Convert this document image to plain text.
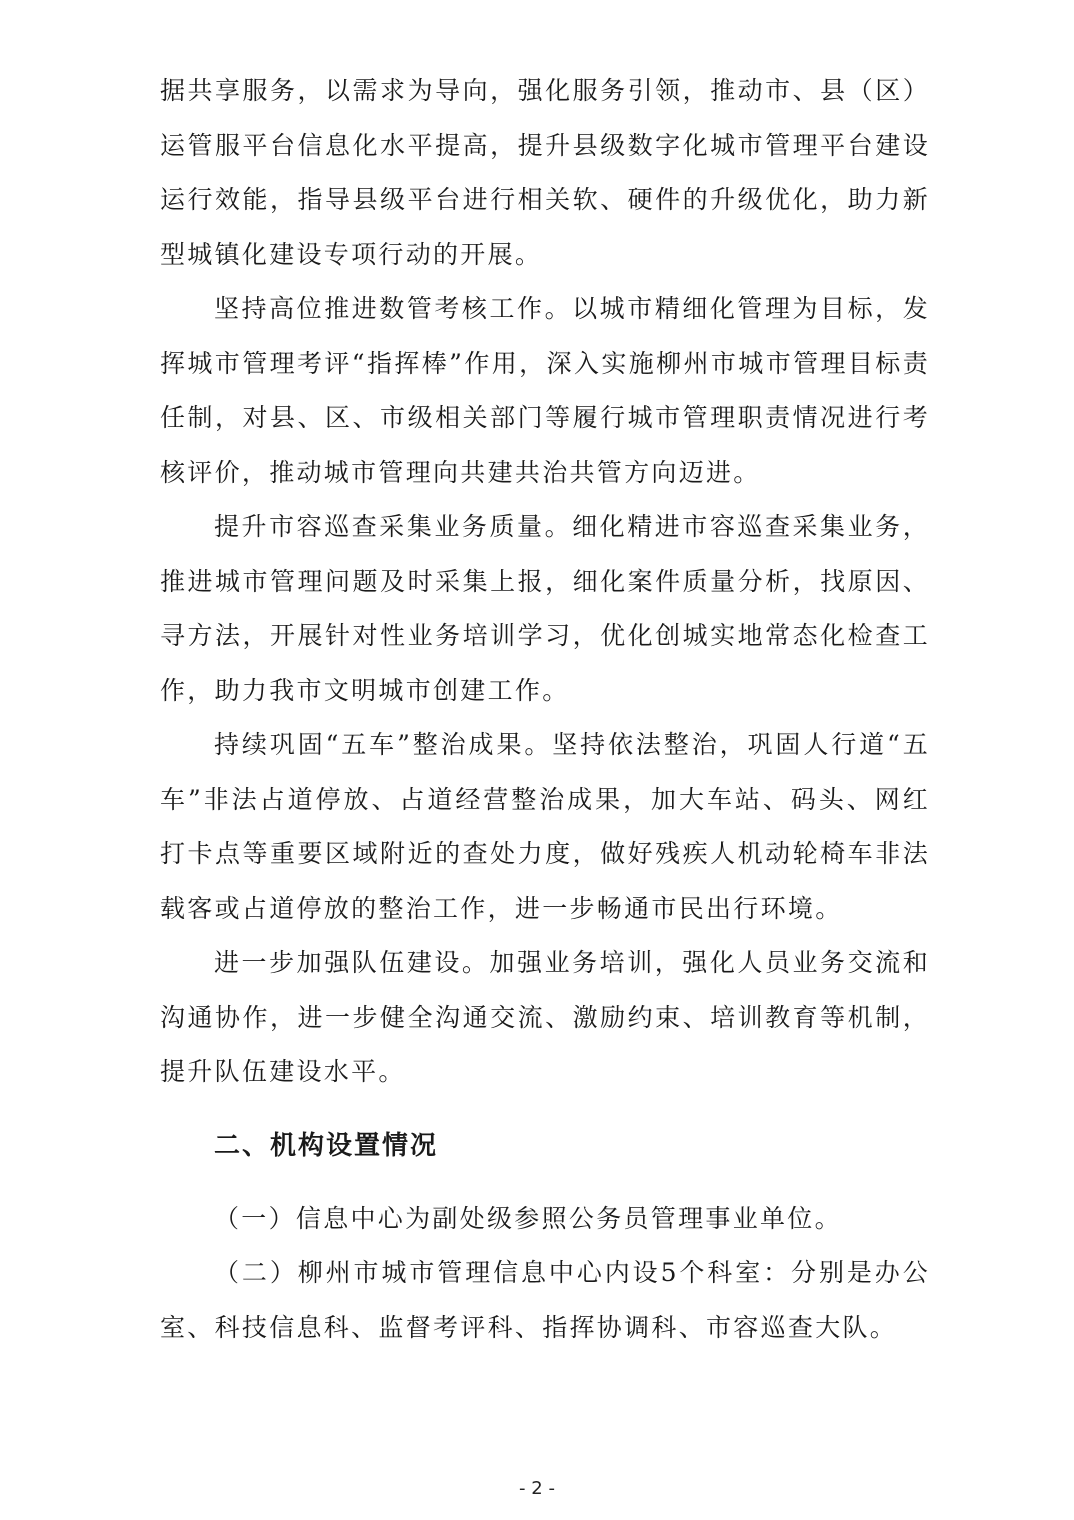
据共享服务，以需求为导向，强化服务引领，推动市、县（区）运管服平台信息化水平提高，提升县级数字化城市管理平台建设运行效能，指导县级平台进行相关软、硬件的升级优化，助力新型城镇化建设专项行动的开展。

坚持高位推进数管考核工作。以城市精细化管理为目标，发挥城市管理考评“指挥棒”作用，深入实施柳州市城市管理目标责任制，对县、区、市级相关部门等履行城市管理职责情况进行考核评价，推动城市管理向共建共治共管方向迈进。

提升市容巡查采集业务质量。细化精进市容巡查采集业务，推进城市管理问题及时采集上报，细化案件质量分析，找原因、寻方法，开展针对性业务培训学习，优化创城实地常态化检查工作，助力我市文明城市创建工作。

持续巩固“五车”整治成果。坚持依法整治，巩固人行道“五车”非法占道停放、占道经营整治成果，加大车站、码头、网红打卡点等重要区域附近的查处力度，做好残疾人机动轮椅车非法载客或占道停放的整治工作，进一步畅通市民出行环境。

进一步加强队伍建设。加强业务培训，强化人员业务交流和沟通协作，进一步健全沟通交流、激励约束、培训教育等机制，提升队伍建设水平。

二、机构设置情况

（一）信息中心为副处级参照公务员管理事业单位。

（二）柳州市城市管理信息中心内设5个科室：分别是办公室、科技信息科、监督考评科、指挥协调科、市容巡查大队。

- 2 -
